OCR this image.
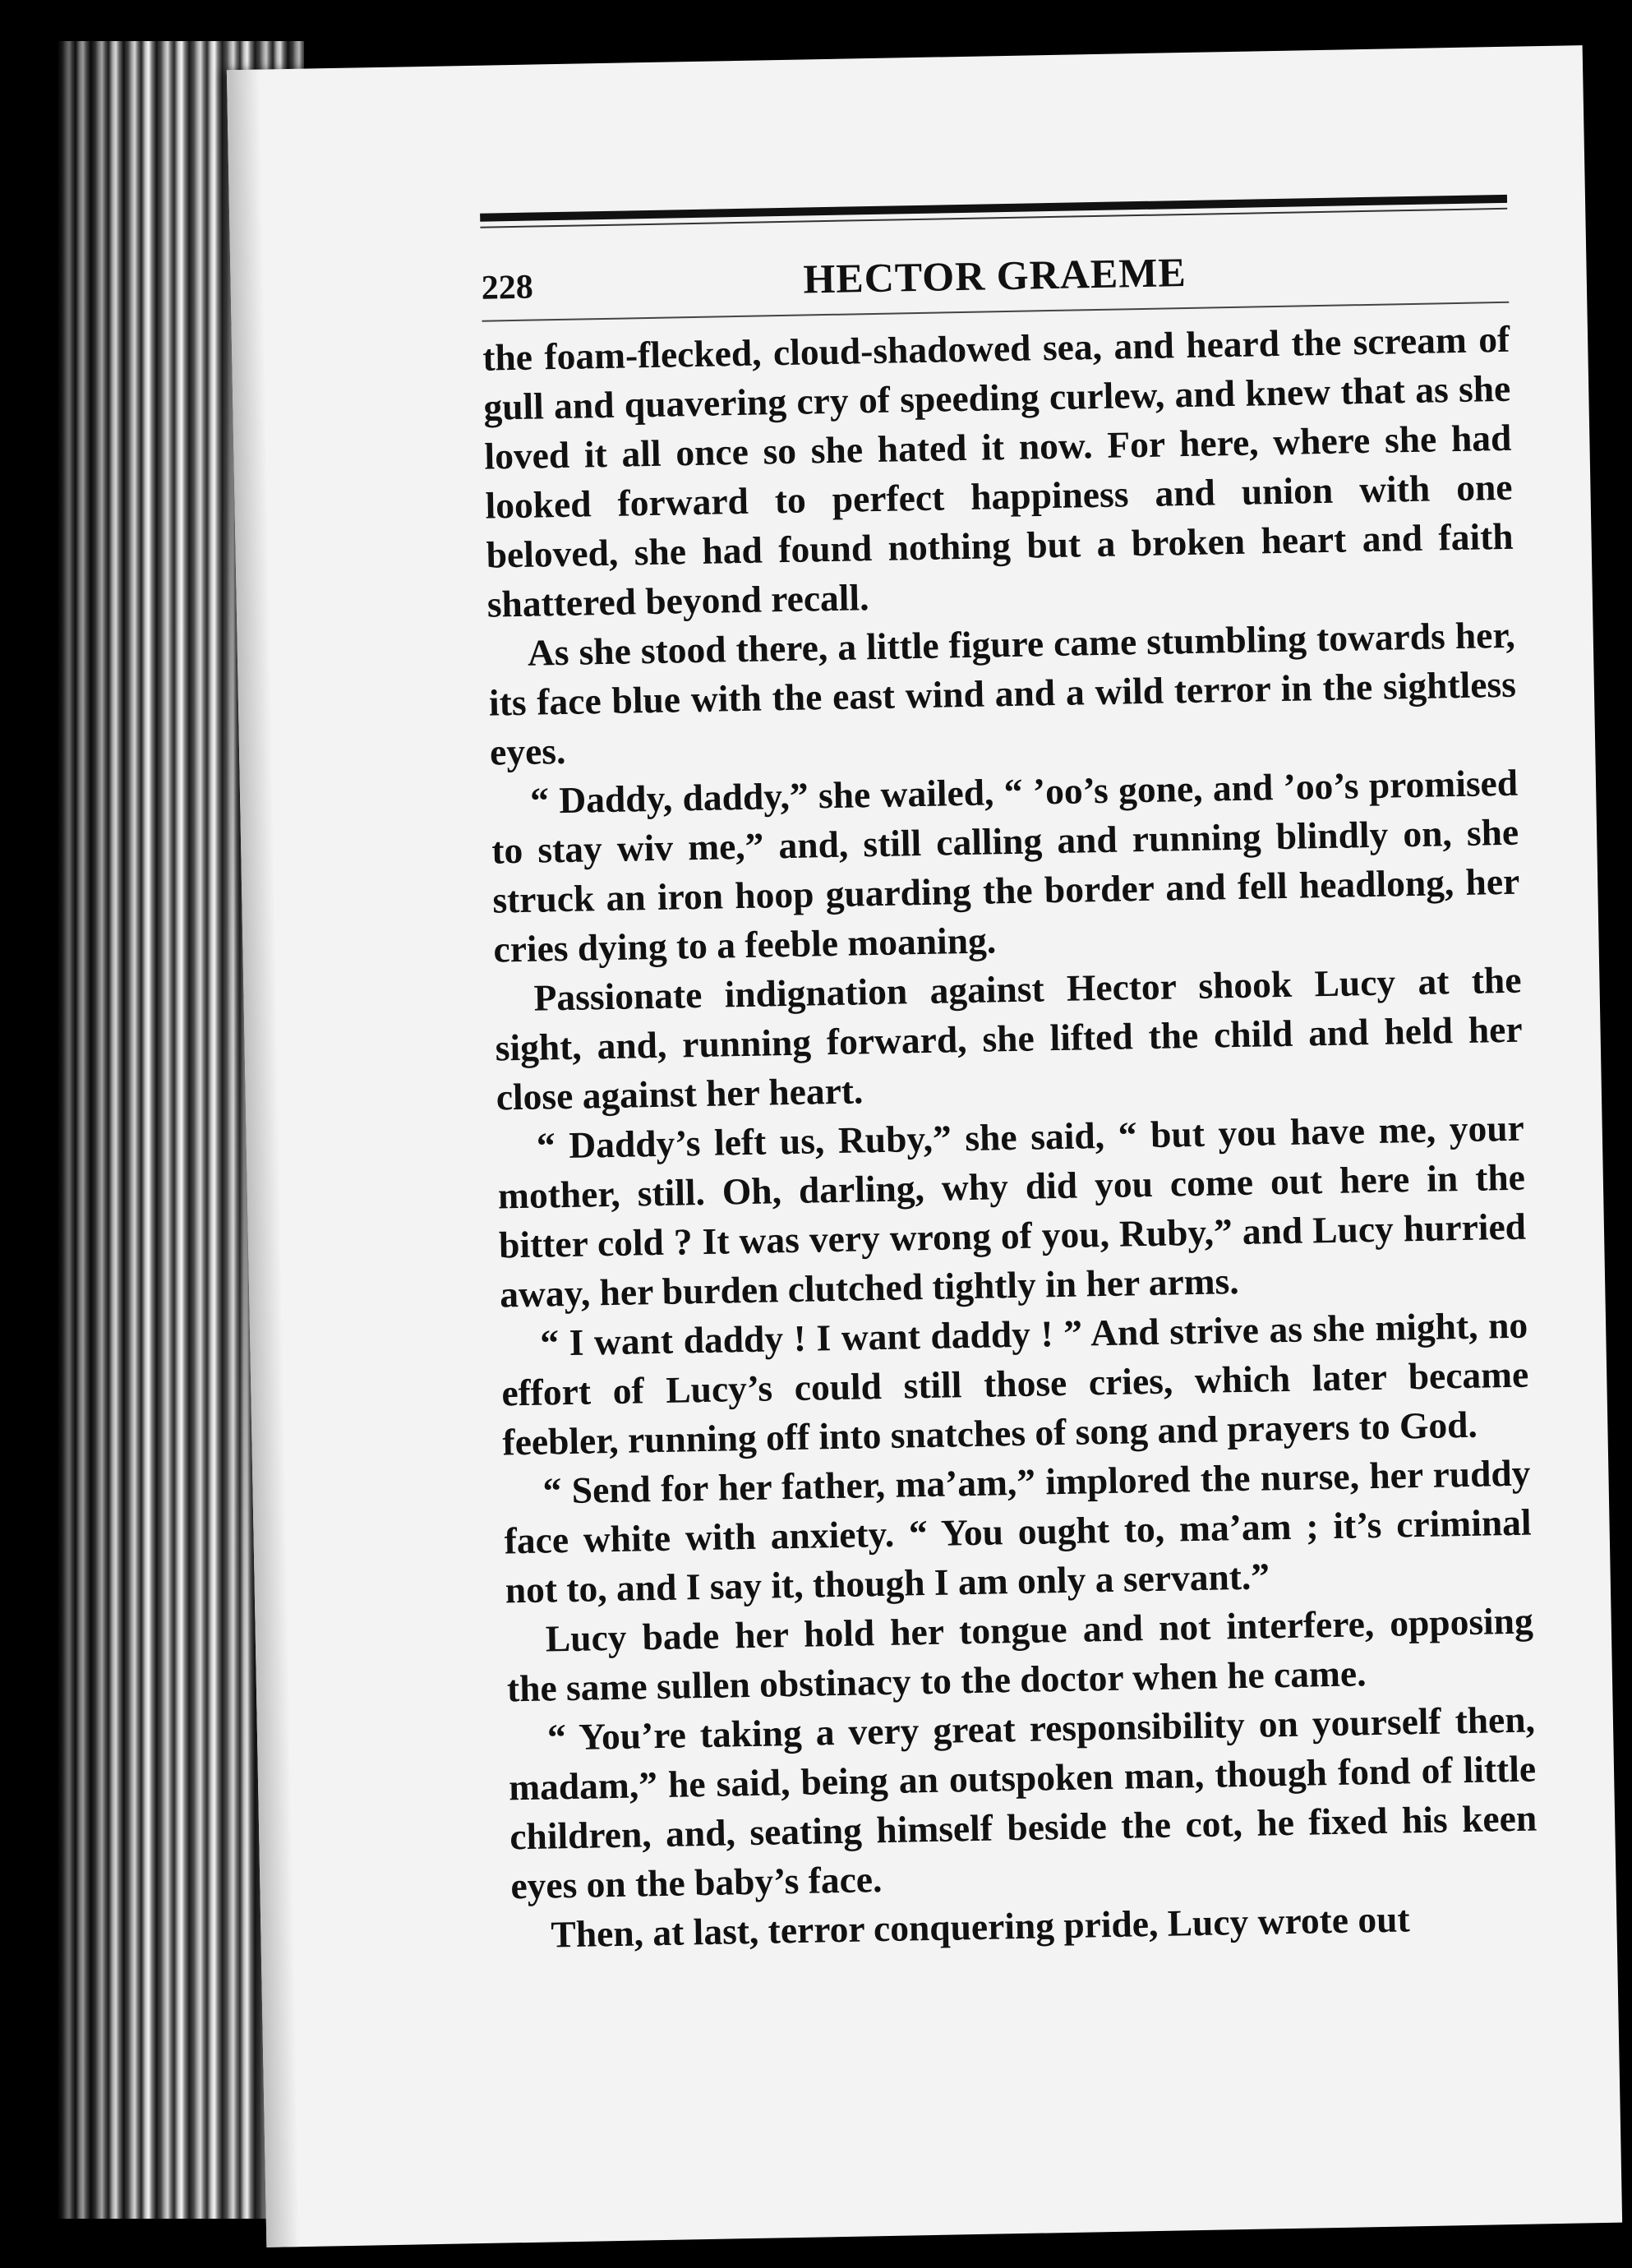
228	HECTOR GRAEME

the foam-flecked, cloud-shadowed sea, and heard the scream of gull and quavering cry of speeding curlew, and knew that as she loved it all once so she hated it now. For here, where she had looked forward to perfect happiness and union with one beloved, she had found nothing but a broken heart and faith shattered beyond recall.

As she stood there, a little figure came stumbling towards her, its face blue with the east wind and a wild terror in the sightless eyes.

“ Daddy, daddy,” she wailed, “ ’oo’s gone, and ’oo’s promised to stay wiv me,” and, still calling and running blindly on, she struck an iron hoop guarding the border and fell headlong, her cries dying to a feeble moaning.

Passionate indignation against Hector shook Lucy at the sight, and, running forward, she lifted the child and held her close against her heart.

“ Daddy’s left us, Ruby,” she said, “ but you have me, your mother, still. Oh, darling, why did you come out here in the bitter cold ? It was very wrong of you, Ruby,” and Lucy hurried away, her burden clutched tightly in her arms.

“ I want daddy ! I want daddy ! ” And strive as she might, no effort of Lucy’s could still those cries, which later became feebler, running off into snatches of song and prayers to God.

“ Send for her father, ma’am,” implored the nurse, her ruddy face white with anxiety. “ You ought to, ma’am ; it’s criminal not to, and I say it, though I am only a servant.”

Lucy bade her hold her tongue and not interfere, opposing the same sullen obstinacy to the doctor when he came.

“ You’re taking a very great responsibility on yourself then, madam,” he said, being an outspoken man, though fond of little children, and, seating himself beside the cot, he fixed his keen eyes on the baby’s face.

Then, at last, terror conquering pride, Lucy wrote out
